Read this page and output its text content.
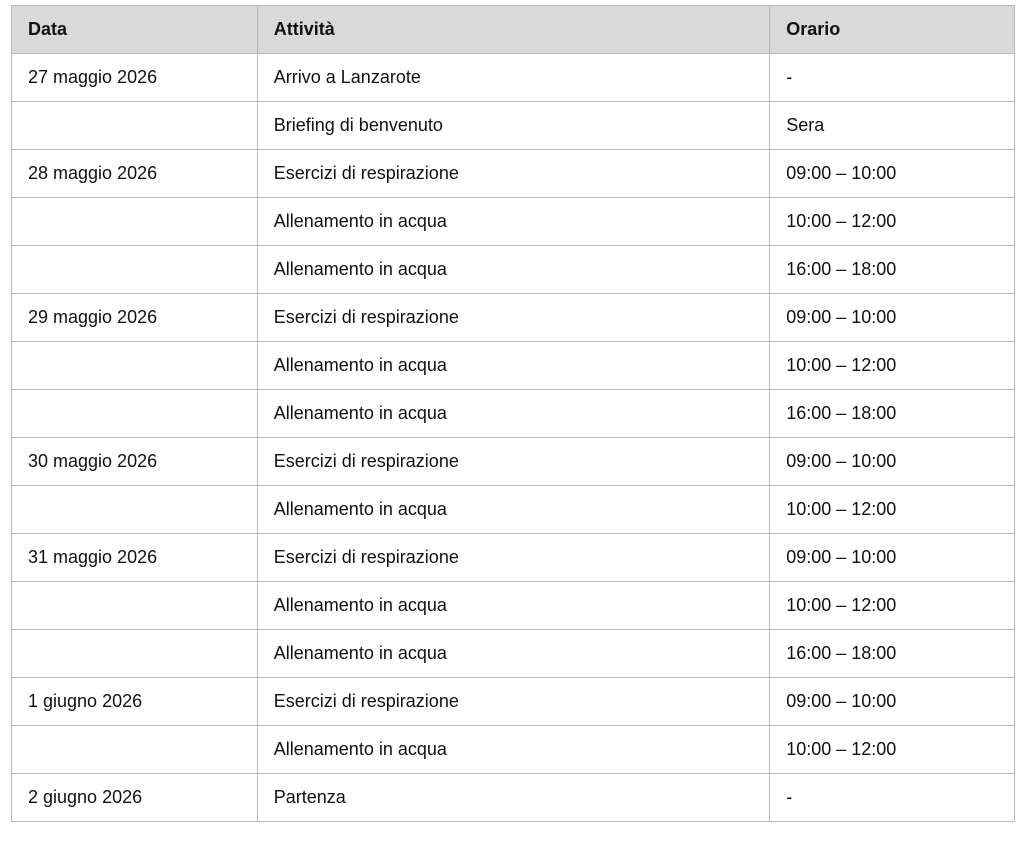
Data	Attività	Orario
27 maggio 2026	Arrivo a Lanzarote	-
	Briefing di benvenuto	Sera
28 maggio 2026	Esercizi di respirazione	09:00 – 10:00
	Allenamento in acqua	10:00 – 12:00
	Allenamento in acqua	16:00 – 18:00
29 maggio 2026	Esercizi di respirazione	09:00 – 10:00
	Allenamento in acqua	10:00 – 12:00
	Allenamento in acqua	16:00 – 18:00
30 maggio 2026	Esercizi di respirazione	09:00 – 10:00
	Allenamento in acqua	10:00 – 12:00
31 maggio 2026	Esercizi di respirazione	09:00 – 10:00
	Allenamento in acqua	10:00 – 12:00
	Allenamento in acqua	16:00 – 18:00
1 giugno 2026	Esercizi di respirazione	09:00 – 10:00
	Allenamento in acqua	10:00 – 12:00
2 giugno 2026	Partenza	-
